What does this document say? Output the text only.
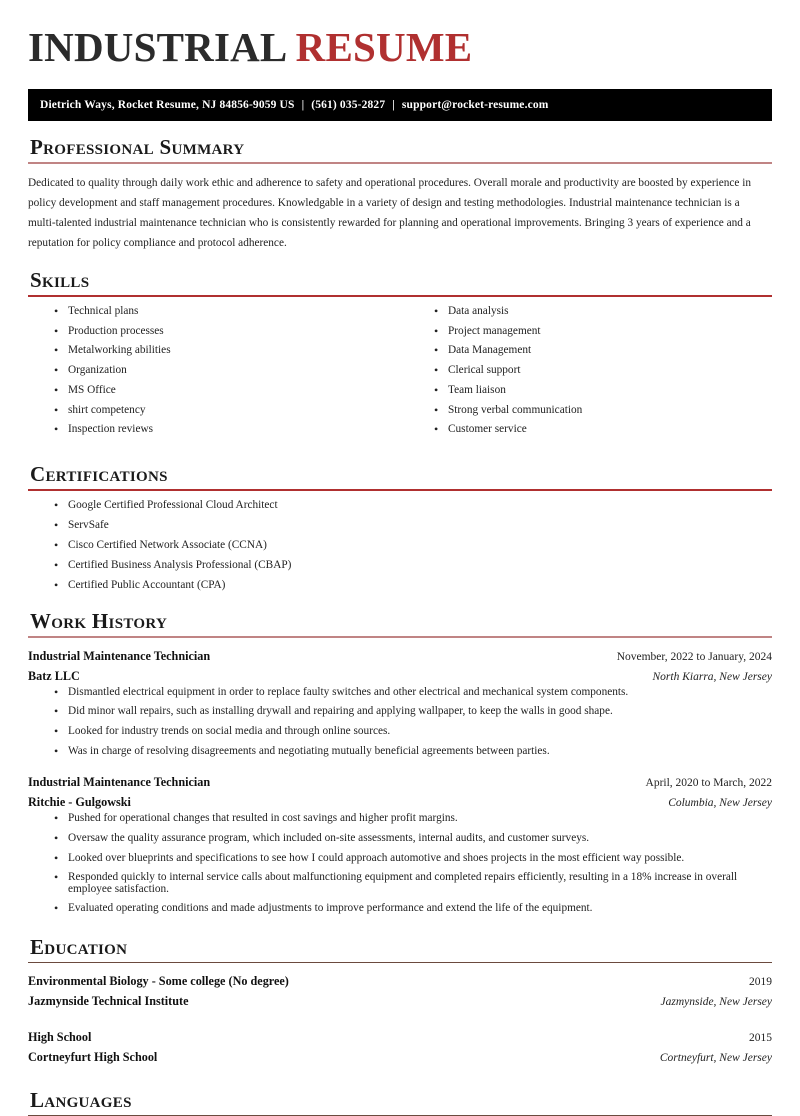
INDUSTRIAL RESUME
Dietrich Ways, Rocket Resume, NJ 84856-9059 US | (561) 035-2827 | support@rocket-resume.com
Professional Summary

Dedicated to quality through daily work ethic and adherence to safety and operational procedures. Overall morale and productivity are boosted by experience in policy development and staff management procedures. Knowledgable in a variety of design and testing methodologies. Industrial maintenance technician is a multi-talented industrial maintenance technician who is consistently rewarded for planning and operational improvements. Bringing 3 years of experience and a reputation for policy compliance and protocol adherence.

Skills
• Technical plans
• Production processes
• Metalworking abilities
• Organization
• MS Office
• shirt competency
• Inspection reviews
• Data analysis
• Project management
• Data Management
• Clerical support
• Team liaison
• Strong verbal communication
• Customer service
Certifications
• Google Certified Professional Cloud Architect
• ServSafe
• Cisco Certified Network Associate (CCNA)
• Certified Business Analysis Professional (CBAP)
• Certified Public Accountant (CPA)
Work History
Industrial Maintenance Technician	November, 2022 to January, 2024
Batz LLC	North Kiarra, New Jersey
• Dismantled electrical equipment in order to replace faulty switches and other electrical and mechanical system components.
• Did minor wall repairs, such as installing drywall and repairing and applying wallpaper, to keep the walls in good shape.
• Looked for industry trends on social media and through online sources.
• Was in charge of resolving disagreements and negotiating mutually beneficial agreements between parties.
Industrial Maintenance Technician	April, 2020 to March, 2022
Ritchie - Gulgowski	Columbia, New Jersey
• Pushed for operational changes that resulted in cost savings and higher profit margins.
• Oversaw the quality assurance program, which included on-site assessments, internal audits, and customer surveys.
• Looked over blueprints and specifications to see how I could approach automotive and shoes projects in the most efficient way possible.
• Responded quickly to internal service calls about malfunctioning equipment and completed repairs efficiently, resulting in a 18% increase in overall employee satisfaction.
• Evaluated operating conditions and made adjustments to improve performance and extend the life of the equipment.
Education
Environmental Biology - Some college (No degree)	2019
Jazmynside Technical Institute	Jazmynside, New Jersey
High School	2015
Cortneyfurt High School	Cortneyfurt, New Jersey
Languages
